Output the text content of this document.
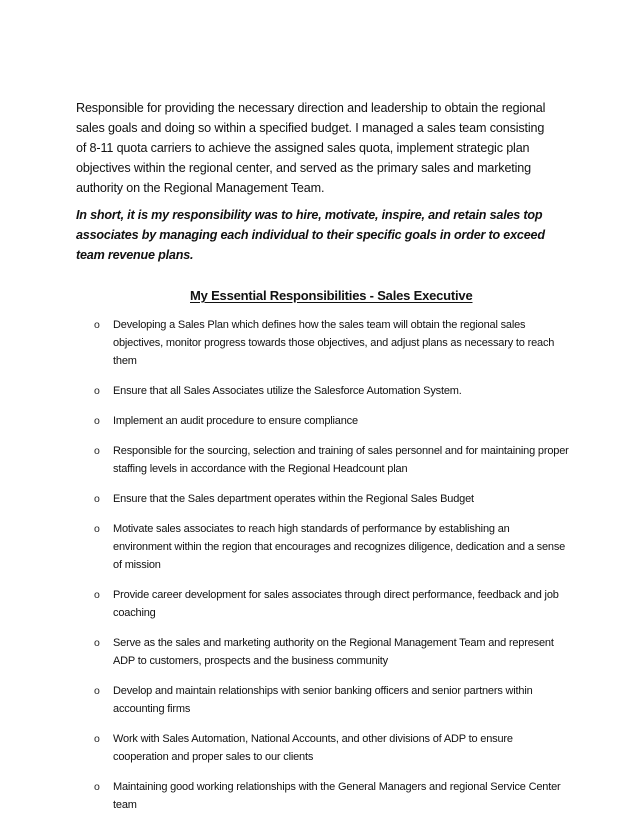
Responsible for providing the necessary direction and leadership to obtain the regional sales goals and doing so within a specified budget. I managed a sales team consisting of 8-11 quota carriers to achieve the assigned sales quota, implement strategic plan objectives within the regional center, and served as the primary sales and marketing authority on the Regional Management Team.

In short, it is my responsibility was to hire, motivate, inspire, and retain sales top associates by managing each individual to their specific goals in order to exceed team revenue plans.

My Essential Responsibilities - Sales Executive
o	Developing a Sales Plan which defines how the sales team will obtain the regional sales objectives, monitor progress towards those objectives, and adjust plans as necessary to reach them
o	Ensure that all Sales Associates utilize the Salesforce Automation System.
o	Implement an audit procedure to ensure compliance
o	Responsible for the sourcing, selection and training of sales personnel and for maintaining proper staffing levels in accordance with the Regional Headcount plan
o	Ensure that the Sales department operates within the Regional Sales Budget
o	Motivate sales associates to reach high standards of performance by establishing an environment within the region that encourages and recognizes diligence, dedication and a sense of mission
o	Provide career development for sales associates through direct performance, feedback and job coaching
o	Serve as the sales and marketing authority on the Regional Management Team and represent ADP to customers, prospects and the business community
o	Develop and maintain relationships with senior banking officers and senior partners within accounting firms
o	Work with Sales Automation, National Accounts, and other divisions of ADP to ensure cooperation and proper sales to our clients
o	Maintaining good working relationships with the General Managers and regional Service Center team
